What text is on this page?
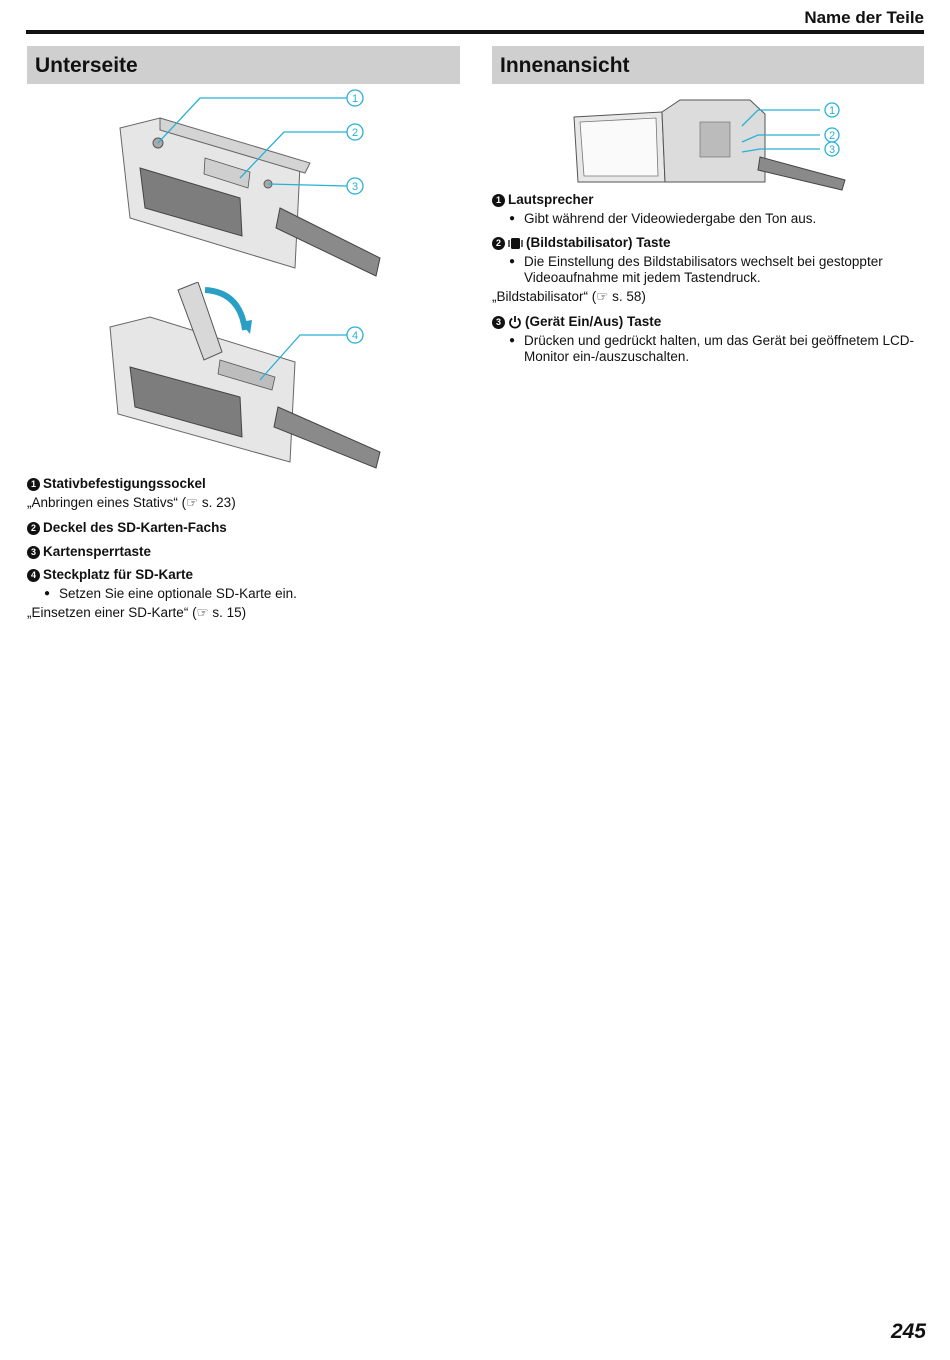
Name der Teile
Unterseite	Innenansicht
1
2
3
4
1
2
3
1 Stativbefestigungssockel
„Anbringen eines Stativs“ (☞ s. 23)
2 Deckel des SD-Karten-Fachs
3 Kartensperrtaste
4 Steckplatz für SD-Karte
● Setzen Sie eine optionale SD-Karte ein.
„Einsetzen einer SD-Karte“ (☞ s. 15)
1 Lautsprecher
● Gibt während der Videowiedergabe den Ton aus.
2 (Bildstabilisator) Taste
● Die Einstellung des Bildstabilisators wechselt bei gestoppter Videoaufnahme mit jedem Tastendruck.
„Bildstabilisator“ (☞ s. 58)
3 (Gerät Ein/Aus) Taste
● Drücken und gedrückt halten, um das Gerät bei geöffnetem LCD-Monitor ein-/auszuschalten.
245
